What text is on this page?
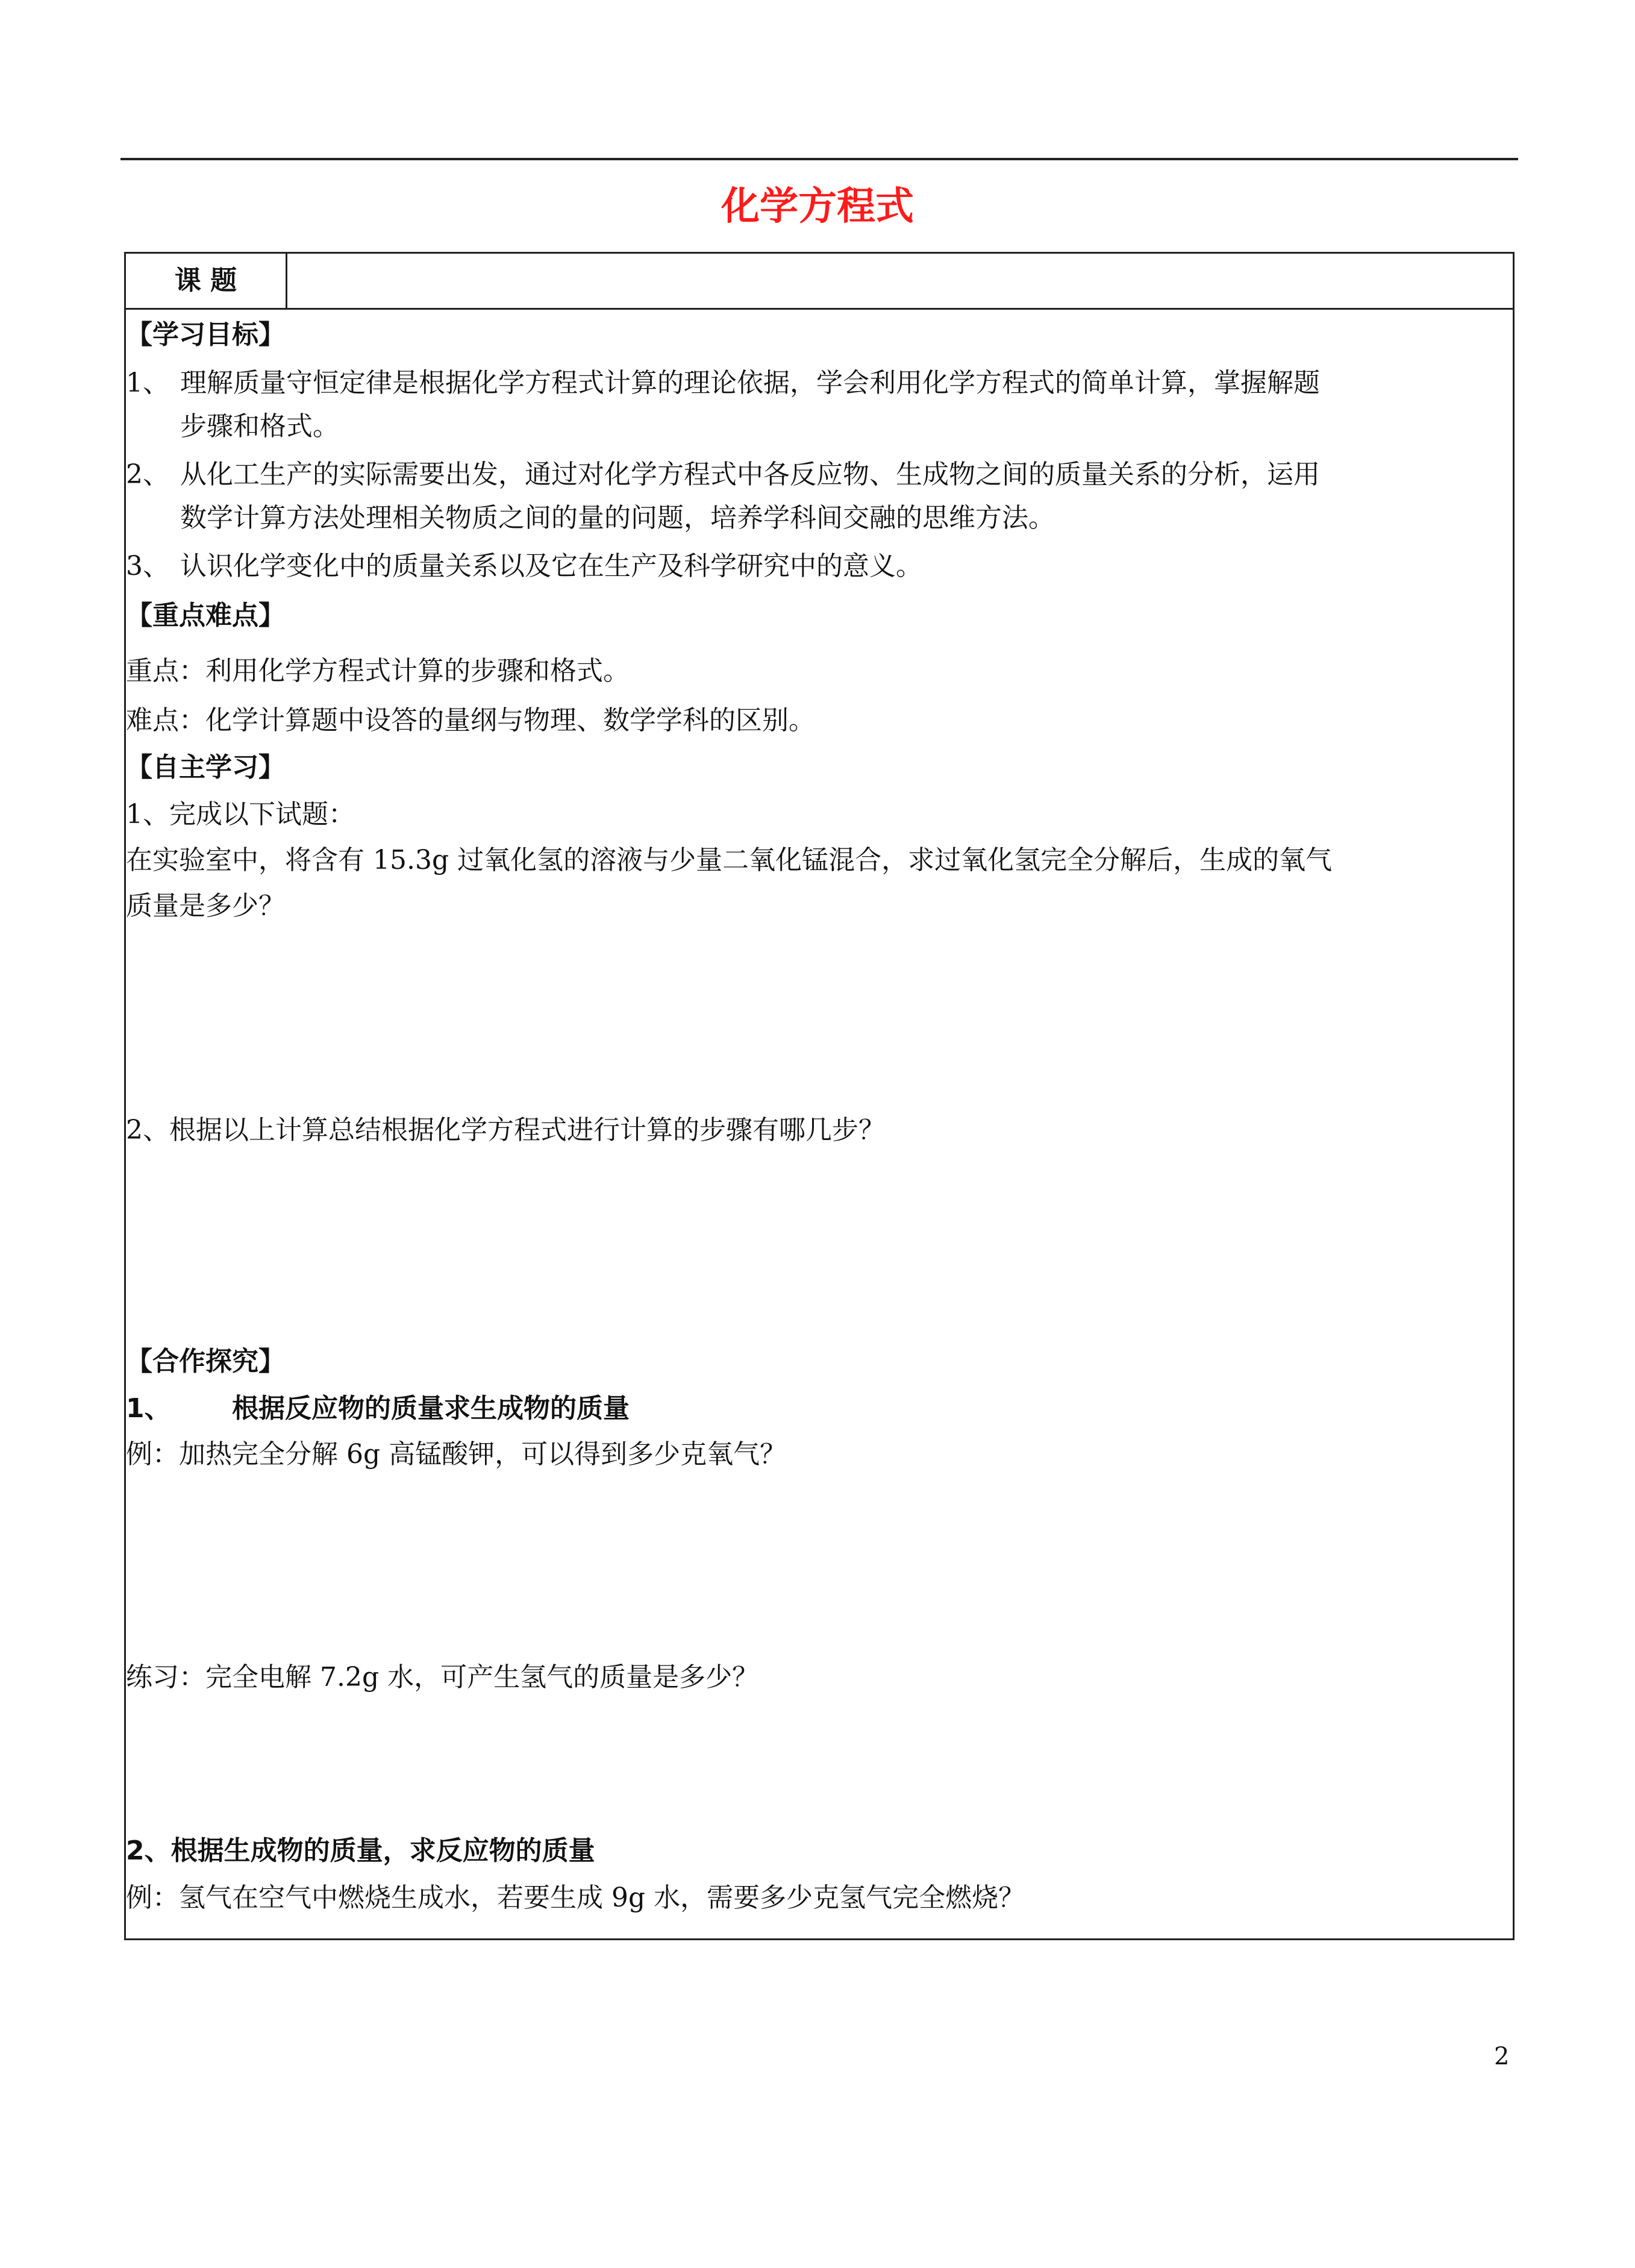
化学方程式
课 题
【学习目标】
1、 理解质量守恒定律是根据化学方程式计算的理论依据，学会利用化学方程式的简单计算，掌握解题
步骤和格式。
2、 从化工生产的实际需要出发，通过对化学方程式中各反应物、生成物之间的质量关系的分析，运用
数学计算方法处理相关物质之间的量的问题，培养学科间交融的思维方法。
3、 认识化学变化中的质量关系以及它在生产及科学研究中的意义。
【重点难点】
重点：利用化学方程式计算的步骤和格式。
难点：化学计算题中设答的量纲与物理、数学学科的区别。
【自主学习】
1、完成以下试题：
在实验室中，将含有 15.3g 过氧化氢的溶液与少量二氧化锰混合，求过氧化氢完全分解后，生成的氧气
质量是多少？
2、根据以上计算总结根据化学方程式进行计算的步骤有哪几步？
【合作探究】
1、 根据反应物的质量求生成物的质量
例：加热完全分解 6g 高锰酸钾，可以得到多少克氧气？
练习：完全电解 7.2g 水，可产生氢气的质量是多少？
2、根据生成物的质量，求反应物的质量
例：氢气在空气中燃烧生成水，若要生成 9g 水，需要多少克氢气完全燃烧？
2
